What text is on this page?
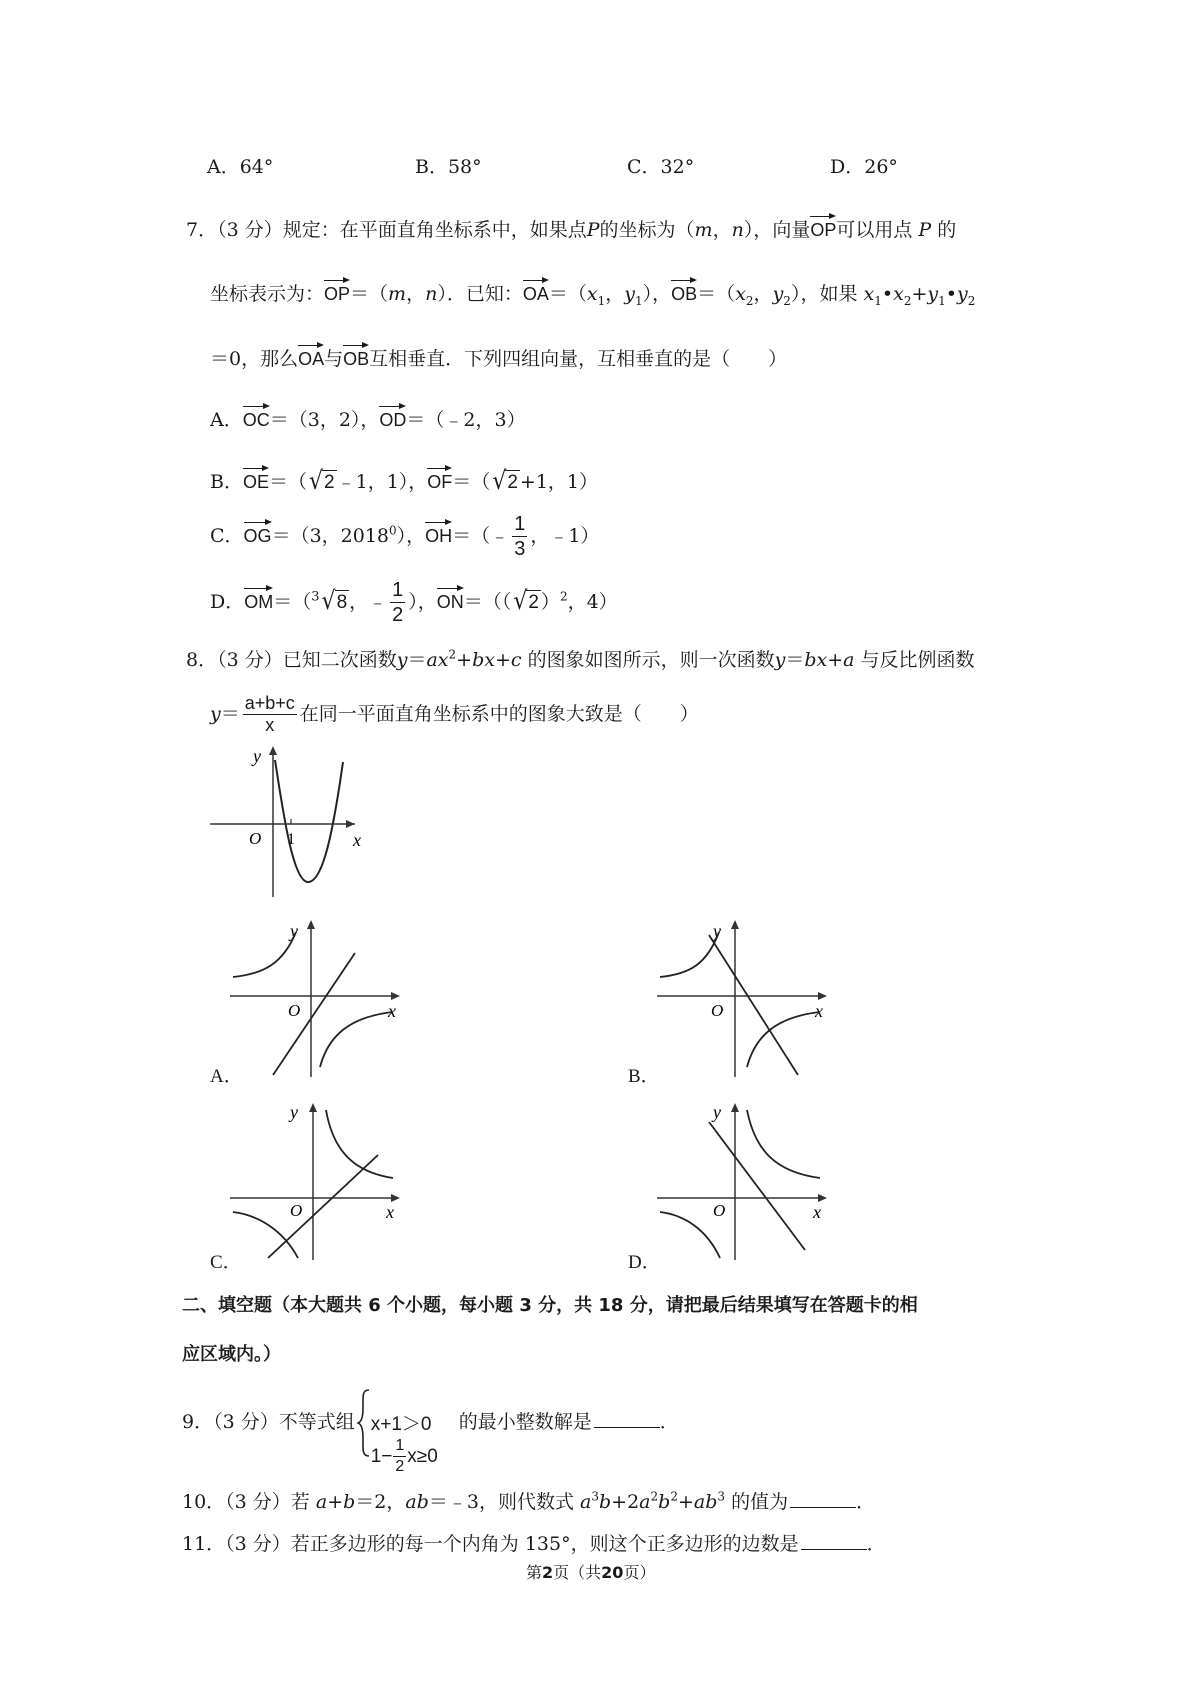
A．64°	B．58°	C．32°	D．26°
7．（3 分）规定：在平面直角坐标系中，如果点P的坐标为（m，n），向量OP可以用点 P 的
坐标表示为：OP＝（m，n）．已知：$OA=(x_1$，$y_1$），$OB=(x_2$，$y_2$），如果 $x_1•x_2+y_1•y_2$
＝0，那么OA与OB互相垂直．下列四组向量，互相垂直的是（　　）
A．OC＝（3，2），OD＝（﹣2，3）
B．OE＝（√2 ﹣1，1），OF＝（√2 +1，1）
C．OG＝（3，2018$^0$），OH＝（﹣ $\frac{1}{3}$ ，﹣1）
D．OM＝（$^3$√8 ，﹣ $\frac{1}{2}$ ），ON＝（（√2 ）$^2$，4）
8．（3 分）已知二次函数$y=ax^2+bx+c$ 的图象如图所示，则一次函数y＝bx+a 与反比例函数
$y= \frac{a+b+c}{x}$ 在同一平面直角坐标系中的图象大致是（　　）
y
x
O 1
y
x
O
A．
y
x
O
B．
y
x
O
C．
y
x
O
D．
二、填空题（本大题共 6 个小题，每小题 3 分，共 18 分，请把最后结果填写在答题卡的相
应区域内。）
9．（3 分）不等式组 x+1＞0
$1- \frac{1}{2} x\ge 0$
的最小整数解是	．
10．（3 分）若 a+b＝2，ab＝﹣3，则代数式 $a^3b+2a^2b^2+ab^3$ 的值为	．
11．（3 分）若正多边形的每一个内角为 135°，则这个正多边形的边数是	．
第2页（共20页）
